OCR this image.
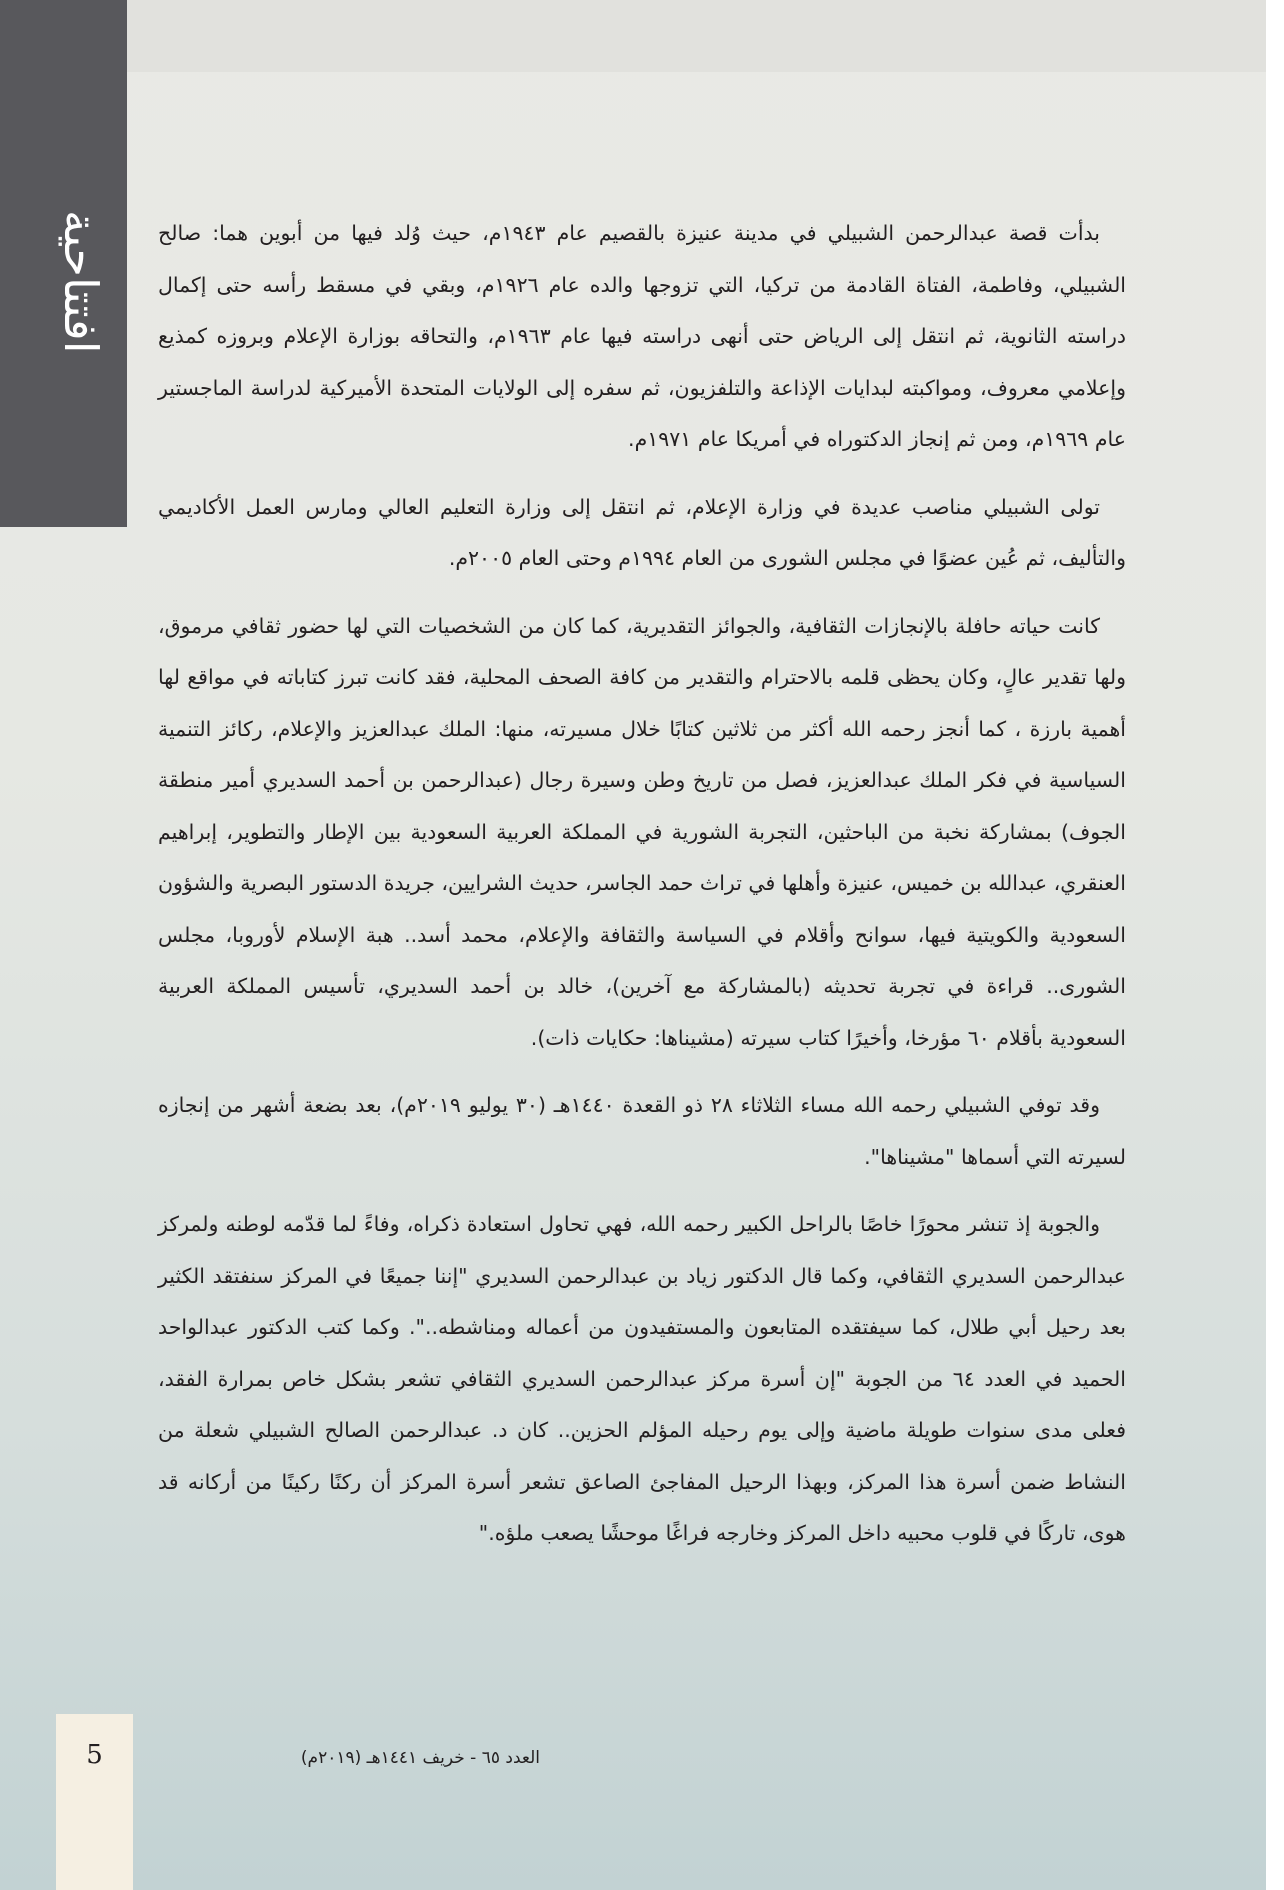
افتتاحية بدأت قصة عبدالرحمن الشبيلي في مدينة عنيزة بالقصيم عام ١٩٤٣م، حيث وُلد فيها من أبوين هما: صالح الشبيلي، وفاطمة، الفتاة القادمة من تركيا، التي تزوجها والده عام ١٩٢٦م، وبقي في مسقط رأسه حتى إكمال دراسته الثانوية، ثم انتقل إلى الرياض حتى أنهى دراسته فيها عام ١٩٦٣م، والتحاقه بوزارة الإعلام وبروزه كمذيع وإعلامي معروف، ومواكبته لبدايات الإذاعة والتلفزيون، ثم سفره إلى الولايات المتحدة الأميركية لدراسة الماجستير عام ١٩٦٩م، ومن ثم إنجاز الدكتوراه في أمريكا عام ١٩٧١م.

تولى الشبيلي مناصب عديدة في وزارة الإعلام، ثم انتقل إلى وزارة التعليم العالي ومارس العمل الأكاديمي والتأليف، ثم عُين عضوًا في مجلس الشورى من العام ١٩٩٤م وحتى العام ٢٠٠٥م.

كانت حياته حافلة بالإنجازات الثقافية، والجوائز التقديرية، كما كان من الشخصيات التي لها حضور ثقافي مرموق، ولها تقدير عالٍ، وكان يحظى قلمه بالاحترام والتقدير من كافة الصحف المحلية، فقد كانت تبرز كتاباته في مواقع لها أهمية بارزة ، كما أنجز رحمه الله أكثر من ثلاثين كتابًا خلال مسيرته، منها: الملك عبدالعزيز والإعلام، ركائز التنمية السياسية في فكر الملك عبدالعزيز، فصل من تاريخ وطن وسيرة رجال (عبدالرحمن بن أحمد السديري أمير منطقة الجوف) بمشاركة نخبة من الباحثين، التجربة الشورية في المملكة العربية السعودية بين الإطار والتطوير، إبراهيم العنقري، عبدالله بن خميس، عنيزة وأهلها في تراث حمد الجاسر، حديث الشرايين، جريدة الدستور البصرية والشؤون السعودية والكويتية فيها، سوانح وأقلام في السياسة والثقافة والإعلام، محمد أسد.. هبة الإسلام لأوروبا، مجلس الشورى.. قراءة في تجربة تحديثه (بالمشاركة مع آخرين)، خالد بن أحمد السديري، تأسيس المملكة العربية السعودية بأقلام ٦٠ مؤرخا، وأخيرًا كتاب سيرته (مشيناها: حكايات ذات).

وقد توفي الشبيلي رحمه الله مساء الثلاثاء ٢٨ ذو القعدة ١٤٤٠هـ (٣٠ يوليو ٢٠١٩م)، بعد بضعة أشهر من إنجازه لسيرته التي أسماها "مشيناها".

والجوبة إذ تنشر محورًا خاصًا بالراحل الكبير رحمه الله، فهي تحاول استعادة ذكراه، وفاءً لما قدّمه لوطنه ولمركز عبدالرحمن السديري الثقافي، وكما قال الدكتور زياد بن عبدالرحمن السديري "إننا جميعًا في المركز سنفتقد الكثير بعد رحيل أبي طلال، كما سيفتقده المتابعون والمستفيدون من أعماله ومناشطه..". وكما كتب الدكتور عبدالواحد الحميد في العدد ٦٤ من الجوبة "إن أسرة مركز عبدالرحمن السديري الثقافي تشعر بشكل خاص بمرارة الفقد، فعلى مدى سنوات طويلة ماضية وإلى يوم رحيله المؤلم الحزين.. كان د. عبدالرحمن الصالح الشبيلي شعلة من النشاط ضمن أسرة هذا المركز، وبهذا الرحيل المفاجئ الصاعق تشعر أسرة المركز أن ركنًا ركينًا من أركانه قد هوى، تاركًا في قلوب محبيه داخل المركز وخارجه فراغًا موحشًا يصعب ملؤه."

5	العدد ٦٥ - خريف ١٤٤١هـ (٢٠١٩م)
